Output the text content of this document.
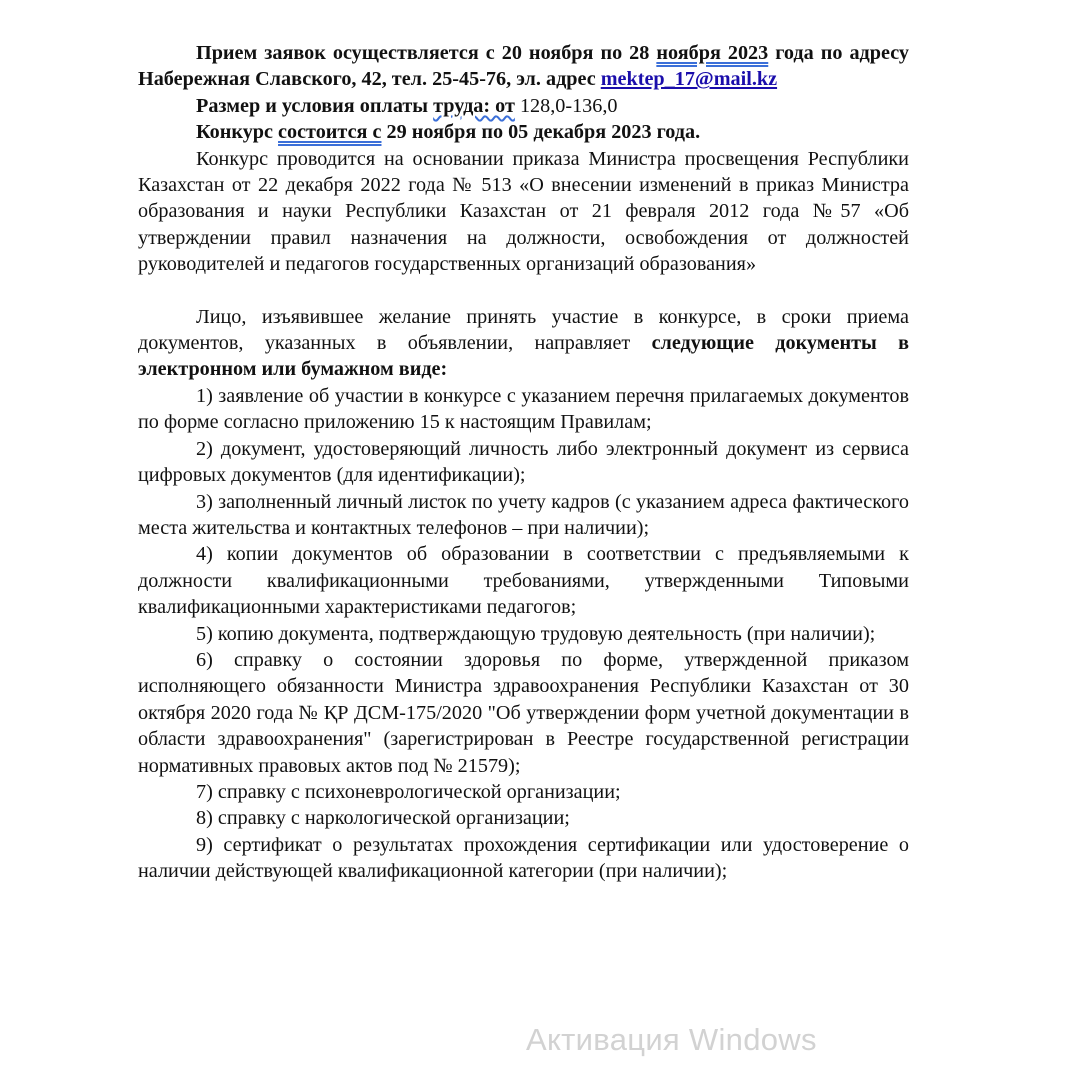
Прием заявок осуществляется с 20 ноября по 28 ноября 2023 года по адресу Набережная Славского, 42, тел. 25-45-76, эл. адрес mektep_17@mail.kz

Размер и условия оплаты труда: от 128,0-136,0

Конкурс состоится с 29 ноября по 05 декабря 2023 года.

Конкурс проводится на основании приказа Министра просвещения Республики Казахстан от 22 декабря 2022 года № 513 «О внесении изменений в приказ Министра образования и науки Республики Казахстан от 21 февраля 2012 года №57 «Об утверждении правил назначения на должности, освобождения от должностей руководителей и педагогов государственных организаций образования»

Лицо, изъявившее желание принять участие в конкурсе, в сроки приема документов, указанных в объявлении, направляет следующие документы в электронном или бумажном виде:

1) заявление об участии в конкурсе с указанием перечня прилагаемых документов по форме согласно приложению 15 к настоящим Правилам;

2) документ, удостоверяющий личность либо электронный документ из сервиса цифровых документов (для идентификации);

3) заполненный личный листок по учету кадров (с указанием адреса фактического места жительства и контактных телефонов – при наличии);

4) копии документов об образовании в соответствии с предъявляемыми к должности квалификационными требованиями, утвержденными Типовыми квалификационными характеристиками педагогов;

5) копию документа, подтверждающую трудовую деятельность (при наличии);

6) справку о состоянии здоровья по форме, утвержденной приказом исполняющего обязанности Министра здравоохранения Республики Казахстан от 30 октября 2020 года № ҚР ДСМ-175/2020 "Об утверждении форм учетной документации в области здравоохранения" (зарегистрирован в Реестре государственной регистрации нормативных правовых актов под № 21579);

7) справку с психоневрологической организации;

8) справку с наркологической организации;

9) сертификат о результатах прохождения сертификации или удостоверение о наличии действующей квалификационной категории (при наличии);

Активация Windows
